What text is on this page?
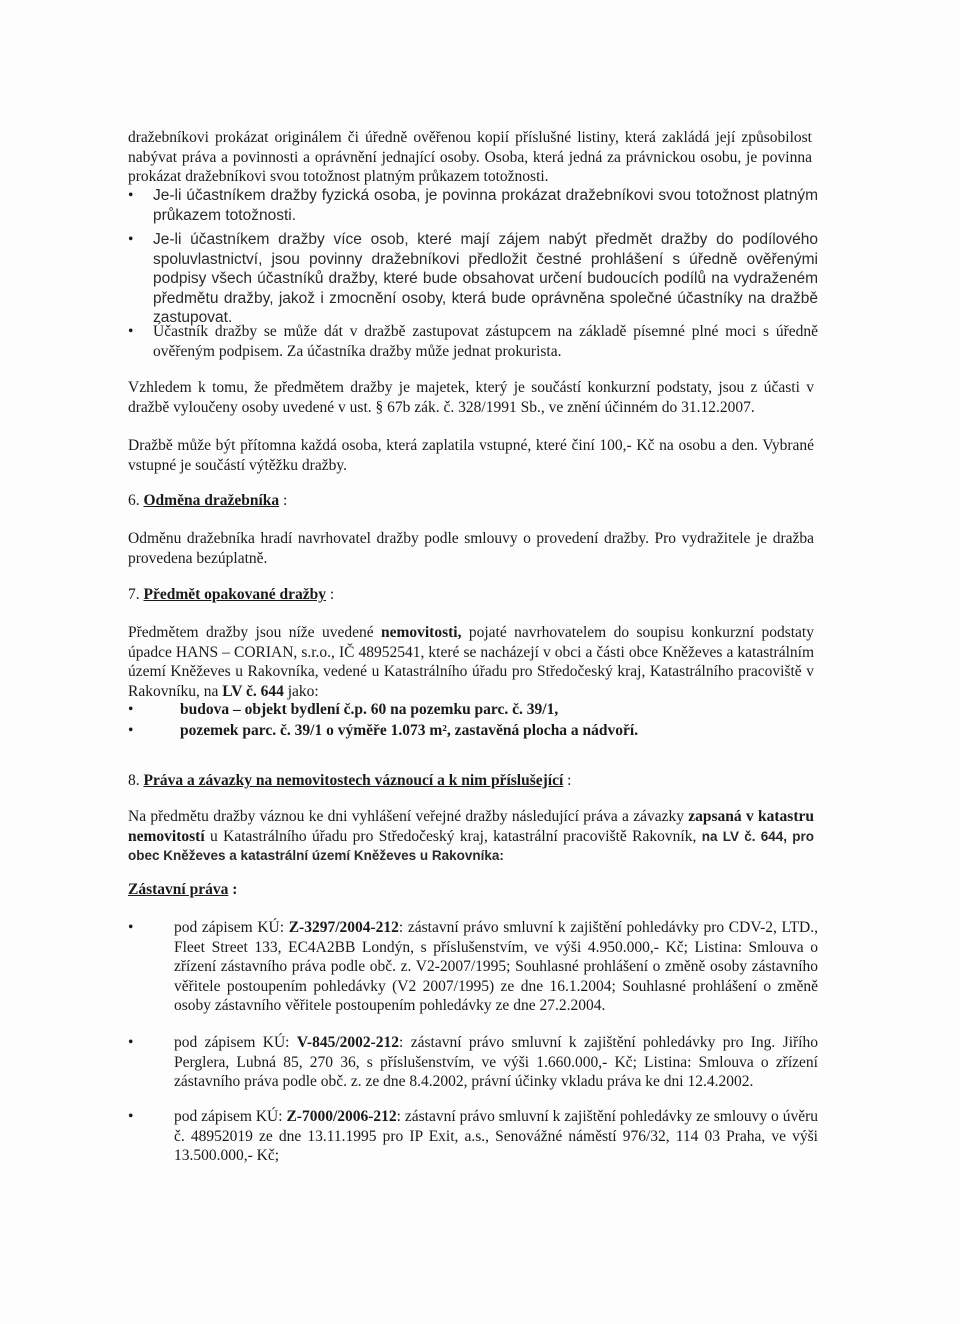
dražebníkovi prokázat originálem či úředně ověřenou kopií příslušné listiny, která zakládá její způsobilost nabývat práva a povinnosti a oprávnění jednající osoby. Osoba, která jedná za právnickou osobu, je povinna prokázat dražebníkovi svou totožnost platným průkazem totožnosti.
• Je-li účastníkem dražby fyzická osoba, je povinna prokázat dražebníkovi svou totožnost platným průkazem totožnosti.
• Je-li účastníkem dražby více osob, které mají zájem nabýt předmět dražby do podílového spoluvlastnictví, jsou povinny dražebníkovi předložit čestné prohlášení s úředně ověřenými podpisy všech účastníků dražby, které bude obsahovat určení budoucích podílů na vydraženém předmětu dražby, jakož i zmocnění osoby, která bude oprávněna společné účastníky na dražbě zastupovat.
• Účastník dražby se může dát v dražbě zastupovat zástupcem na základě písemné plné moci s úředně ověřeným podpisem. Za účastníka dražby může jednat prokurista.
Vzhledem k tomu, že předmětem dražby je majetek, který je součástí konkurzní podstaty, jsou z účasti v dražbě vyloučeny osoby uvedené v ust. § 67b zák. č. 328/1991 Sb., ve znění účinném do 31.12.2007.
Dražbě může být přítomna každá osoba, která zaplatila vstupné, které činí 100,- Kč na osobu a den. Vybrané vstupné je součástí výtěžku dražby.
6. Odměna dražebníka :
Odměnu dražebníka hradí navrhovatel dražby podle smlouvy o provedení dražby. Pro vydražitele je dražba provedena bezúplatně.
7. Předmět opakované dražby :
Předmětem dražby jsou níže uvedené nemovitosti, pojaté navrhovatelem do soupisu konkurzní podstaty úpadce HANS – CORIAN, s.r.o., IČ 48952541, které se nacházejí v obci a části obce Kněževes a katastrálním území Kněževes u Rakovníka, vedené u Katastrálního úřadu pro Středočeský kraj, Katastrálního pracoviště v Rakovníku, na LV č. 644 jako:
•	budova – objekt bydlení č.p. 60 na pozemku parc. č. 39/1,
•	pozemek parc. č. 39/1 o výměře 1.073 m², zastavěná plocha a nádvoří.
8. Práva a závazky na nemovitostech váznoucí a k nim příslušející :
Na předmětu dražby váznou ke dni vyhlášení veřejné dražby následující práva a závazky zapsaná v katastru nemovitostí u Katastrálního úřadu pro Středočeský kraj, katastrální pracoviště Rakovník, na LV č. 644, pro obec Kněževes a katastrální území Kněževes u Rakovníka:
Zástavní práva :
•	pod zápisem KÚ: Z-3297/2004-212: zástavní právo smluvní k zajištění pohledávky pro CDV-2, LTD., Fleet Street 133, EC4A2BB Londýn, s příslušenstvím, ve výši 4.950.000,- Kč; Listina: Smlouva o zřízení zástavního práva podle obč. z. V2-2007/1995; Souhlasné prohlášení o změně osoby zástavního věřitele postoupením pohledávky (V2 2007/1995) ze dne 16.1.2004; Souhlasné prohlášení o změně osoby zástavního věřitele postoupením pohledávky ze dne 27.2.2004.
•	pod zápisem KÚ: V-845/2002-212: zástavní právo smluvní k zajištění pohledávky pro Ing. Jiřího Perglera, Lubná 85, 270 36, s příslušenstvím, ve výši 1.660.000,- Kč; Listina: Smlouva o zřízení zástavního práva podle obč. z. ze dne 8.4.2002, právní účinky vkladu práva ke dni 12.4.2002.
•	pod zápisem KÚ: Z-7000/2006-212: zástavní právo smluvní k zajištění pohledávky ze smlouvy o úvěru č. 48952019 ze dne 13.11.1995 pro IP Exit, a.s., Senovážné náměstí 976/32, 114 03 Praha, ve výši 13.500.000,- Kč;
